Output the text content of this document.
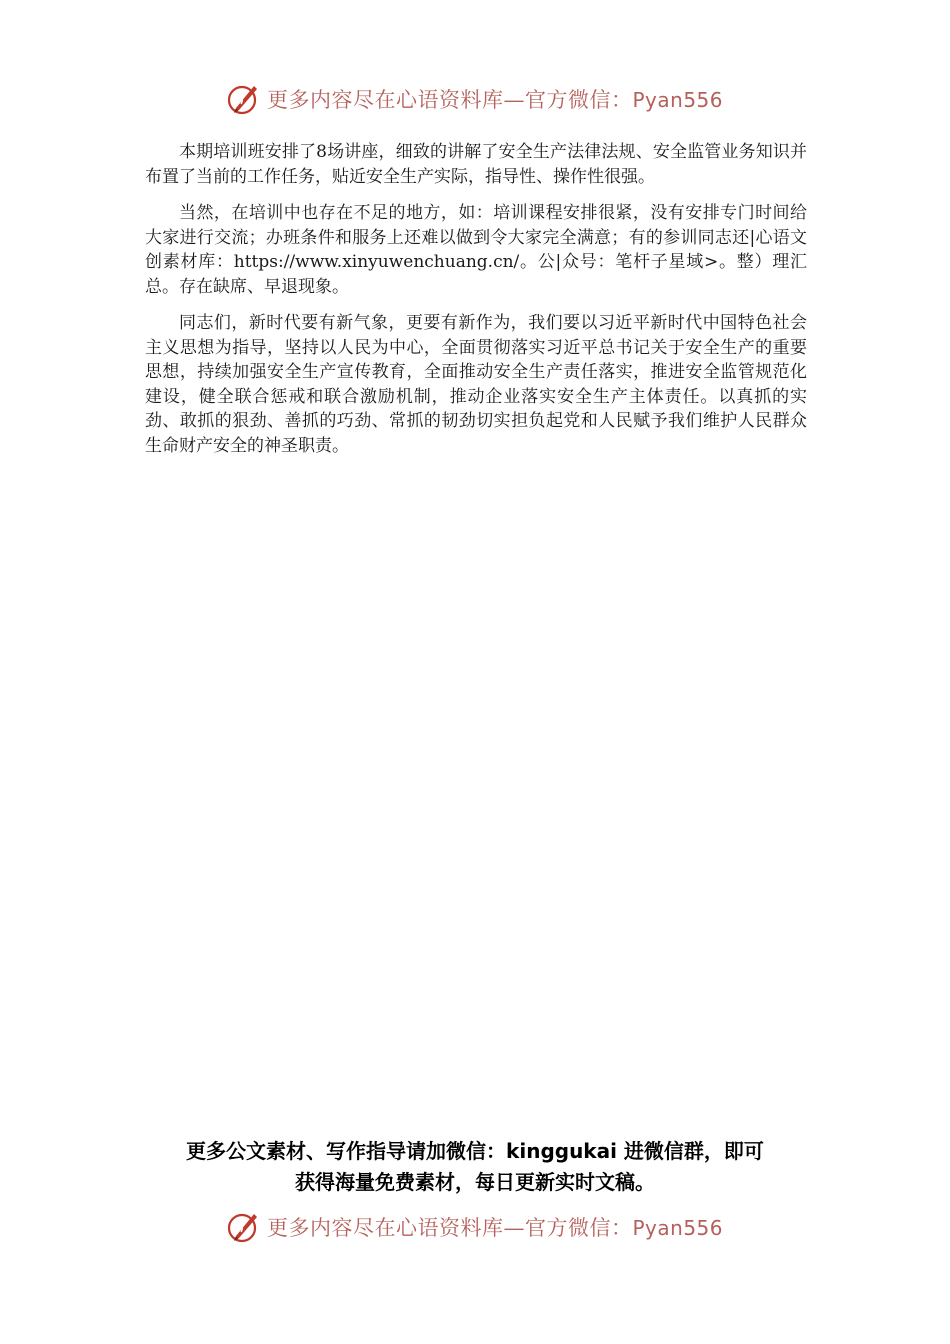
更多内容尽在心语资料库—官方微信：Pyan556

本期培训班安排了8场讲座，细致的讲解了安全生产法律法规、安全监管业务知识并布置了当前的工作任务，贴近安全生产实际，指导性、操作性很强。

当然，在培训中也存在不足的地方，如：培训课程安排很紧，没有安排专门时间给大家进行交流；办班条件和服务上还难以做到令大家完全满意；有的参训同志还|心语文创素材库：https://www.xinyuwenchuang.cn/。公|众号：笔杆子星域>。整）理汇总。存在缺席、早退现象。

同志们，新时代要有新气象，更要有新作为，我们要以习近平新时代中国特色社会主义思想为指导，坚持以人民为中心，全面贯彻落实习近平总书记关于安全生产的重要思想，持续加强安全生产宣传教育，全面推动安全生产责任落实，推进安全监管规范化建设，健全联合惩戒和联合激励机制，推动企业落实安全生产主体责任。以真抓的实劲、敢抓的狠劲、善抓的巧劲、常抓的韧劲切实担负起党和人民赋予我们维护人民群众生命财产安全的神圣职责。

更多公文素材、写作指导请加微信：kinggukai 进微信群，即可
获得海量免费素材，每日更新实时文稿。
更多内容尽在心语资料库—官方微信：Pyan556
